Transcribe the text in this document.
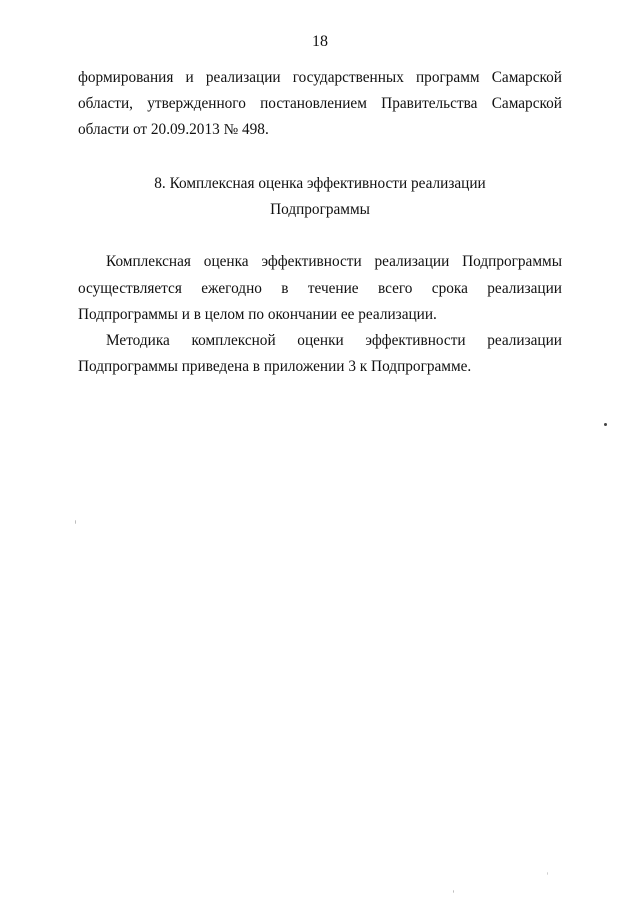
18
формирования и реализации государственных программ Самарской
области, утвержденного постановлением Правительства Самарской
области от 20.09.2013 № 498.
8. Комплексная оценка эффективности реализации
Подпрограммы
Комплексная оценка эффективности реализации Подпрограммы
осуществляется ежегодно в течение всего срока реализации
Подпрограммы и в целом по окончании ее реализации.
Методика комплексной оценки эффективности реализации
Подпрограммы приведена в приложении 3 к Подпрограмме.
